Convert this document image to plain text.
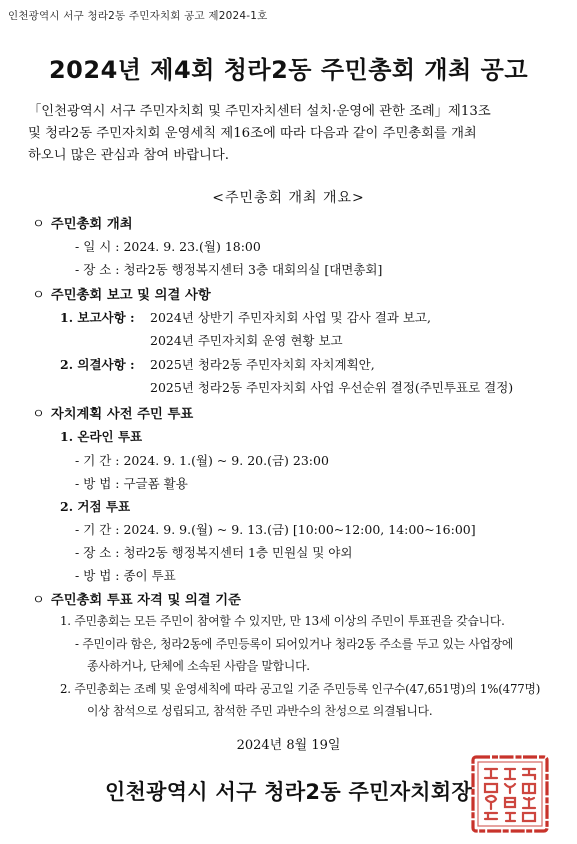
인천광역시 서구 청라2동 주민자치회 공고 제2024-1호
2024년 제4회 청라2동 주민총회 개최 공고

「인천광역시 서구 주민자치회 및 주민자치센터 설치·운영에 관한 조례」제13조

및 청라2동 주민자치회 운영세칙 제16조에 따라 다음과 같이 주민총회를 개최

하오니 많은 관심과 참여 바랍니다.

<주민총회 개최 개요>
ㅇ 주민총회 개최
- 일 시 : 2024. 9. 23.(월) 18:00
- 장 소 : 청라2동 행정복지센터 3층 대회의실 [대면총회]
ㅇ 주민총회 보고 및 의결 사항
1. 보고사항 : 2024년 상반기 주민자치회 사업 및 감사 결과 보고,
2024년 주민자치회 운영 현황 보고
2. 의결사항 : 2025년 청라2동 주민자치회 자치계획안,
2025년 청라2동 주민자치회 사업 우선순위 결정(주민투표로 결정)
ㅇ 자치계획 사전 주민 투표
1. 온라인 투표
- 기 간 : 2024. 9. 1.(월) ~ 9. 20.(금) 23:00
- 방 법 : 구글폼 활용
2. 거점 투표
- 기 간 : 2024. 9. 9.(월) ~ 9. 13.(금) [10:00~12:00, 14:00~16:00]
- 장 소 : 청라2동 행정복지센터 1층 민원실 및 야외
- 방 법 : 종이 투표
ㅇ 주민총회 투표 자격 및 의결 기준
1. 주민총회는 모든 주민이 참여할 수 있지만, 만 13세 이상의 주민이 투표권을 갖습니다.
- 주민이라 함은, 청라2동에 주민등록이 되어있거나 청라2동 주소를 두고 있는 사업장에
종사하거나, 단체에 소속된 사람을 말합니다.
2. 주민총회는 조례 및 운영세칙에 따라 공고일 기준 주민등록 인구수(47,651명)의 1%(477명)
이상 참석으로 성립되고, 참석한 주민 과반수의 찬성으로 의결됩니다.
2024년 8월 19일
인천광역시 서구 청라2동 주민자치회장
